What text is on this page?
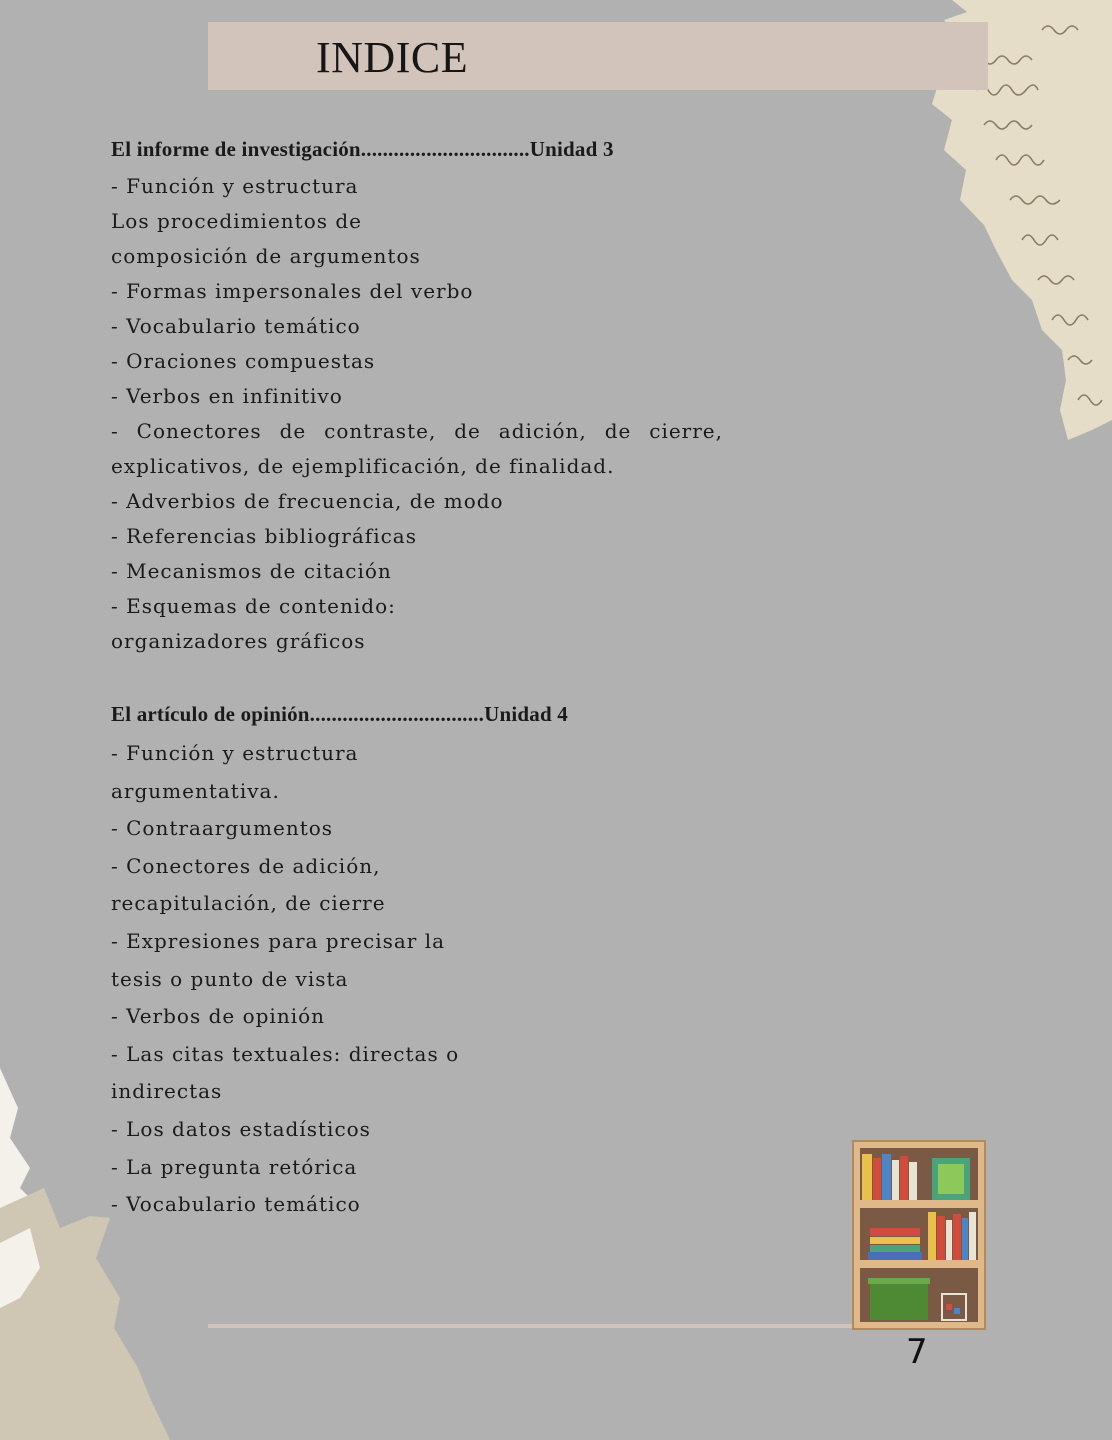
INDICE
El informe de investigación...............................Unidad 3
- Función y estructura
Los procedimientos de
composición de argumentos
- Formas impersonales del verbo
- Vocabulario temático
- Oraciones compuestas
- Verbos en infinitivo
- Conectores de contraste, de adición, de cierre,
explicativos, de ejemplificación, de finalidad.
- Adverbios de frecuencia, de modo
- Referencias bibliográficas
- Mecanismos de citación
- Esquemas de contenido:
organizadores gráficos
El artículo de opinión................................Unidad 4
- Función y estructura
argumentativa.
- Contraargumentos
- Conectores de adición,
recapitulación, de cierre
- Expresiones para precisar la
tesis o punto de vista
- Verbos de opinión
- Las citas textuales: directas o
indirectas
- Los datos estadísticos
- La pregunta retórica
- Vocabulario temático
7
